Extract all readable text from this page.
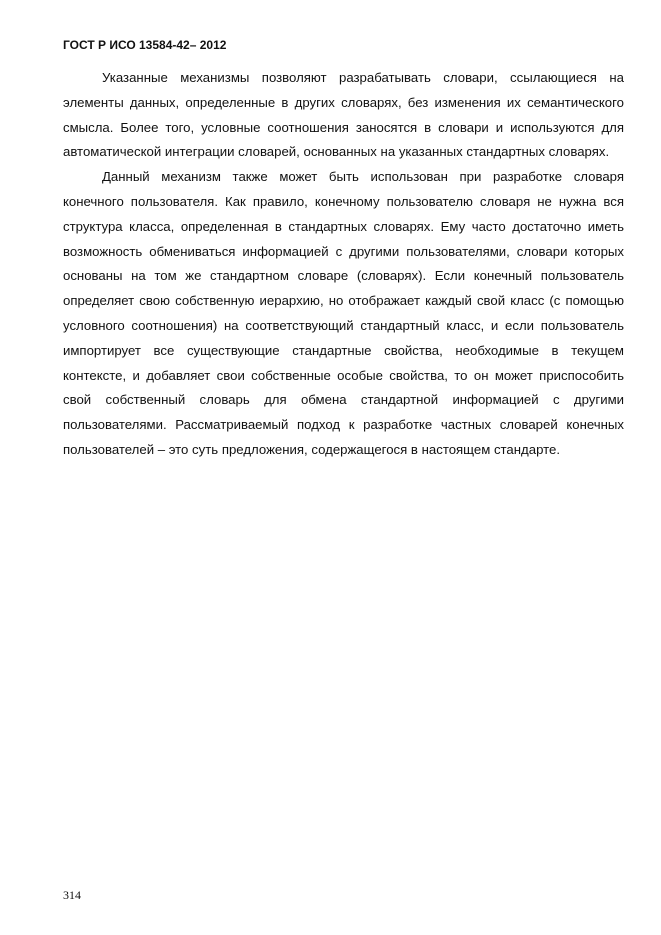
ГОСТ Р ИСО 13584-42– 2012

Указанные механизмы позволяют разрабатывать словари, ссылающиеся на элементы данных, определенные в других словарях, без изменения их семантического смысла. Более того, условные соотношения заносятся в словари и используются для автоматической интеграции словарей, основанных на указанных стандартных словарях.

Данный механизм также может быть использован при разработке словаря конечного пользователя. Как правило, конечному пользователю словаря не нужна вся структура класса, определенная в стандартных словарях. Ему часто достаточно иметь возможность обмениваться информацией с другими пользователями, словари которых основаны на том же стандартном словаре (словарях). Если конечный пользователь определяет свою собственную иерархию, но отображает каждый свой класс (с помощью условного соотношения) на соответствующий стандартный класс, и если пользователь импортирует все существующие стандартные свойства, необходимые в текущем контексте, и добавляет свои собственные особые свойства, то он может приспособить свой собственный словарь для обмена стандартной информацией с другими пользователями. Рассматриваемый подход к разработке частных словарей конечных пользователей – это суть предложения, содержащегося в настоящем стандарте.

314
